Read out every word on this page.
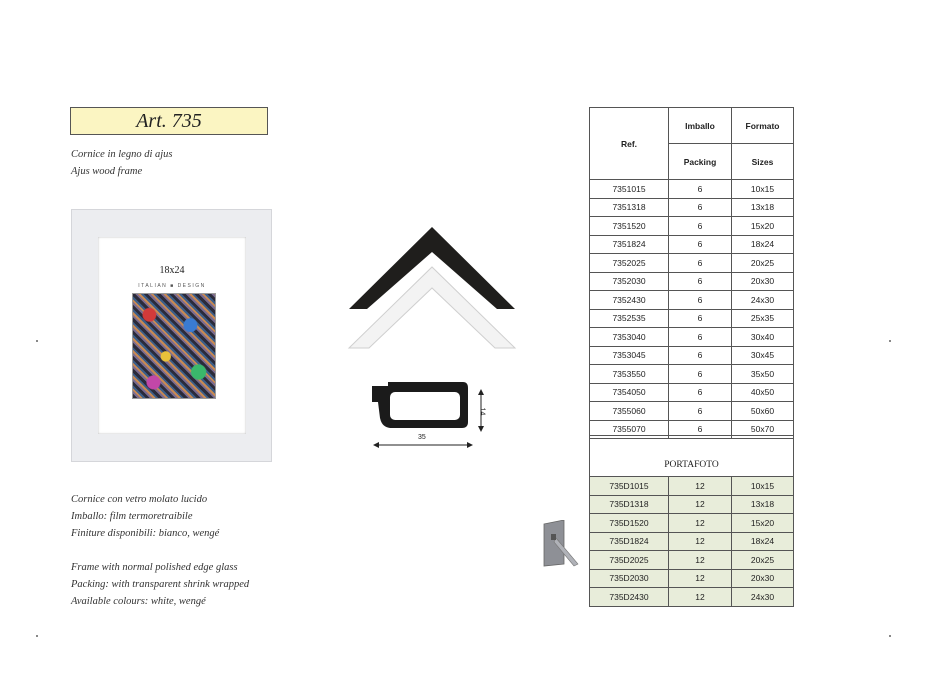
Art. 735
Cornice in legno di ajus
Ajus wood frame
18x24
ITALIAN ■ DESIGN
35
14
Cornice con vetro molato lucido
Imballo: film termoretraibile
Finiture disponibili: bianco, wengé
Frame with normal polished edge glass
Packing: with transparent shrink wrapped
Available colours: white, wengé
Ref.	Imballo	Formato
	Packing	Sizes
7351015	6	10x15
7351318	6	13x18
7351520	6	15x20
7351824	6	18x24
7352025	6	20x25
7352030	6	20x30
7352430	6	24x30
7352535	6	25x35
7353040	6	30x40
7353045	6	30x45
7353550	6	35x50
7354050	6	40x50
7355060	6	50x60
7355070	6	50x70
PORTAFOTO
735D1015	12	10x15
735D1318	12	13x18
735D1520	12	15x20
735D1824	12	18x24
735D2025	12	20x25
735D2030	12	20x30
735D2430	12	24x30
